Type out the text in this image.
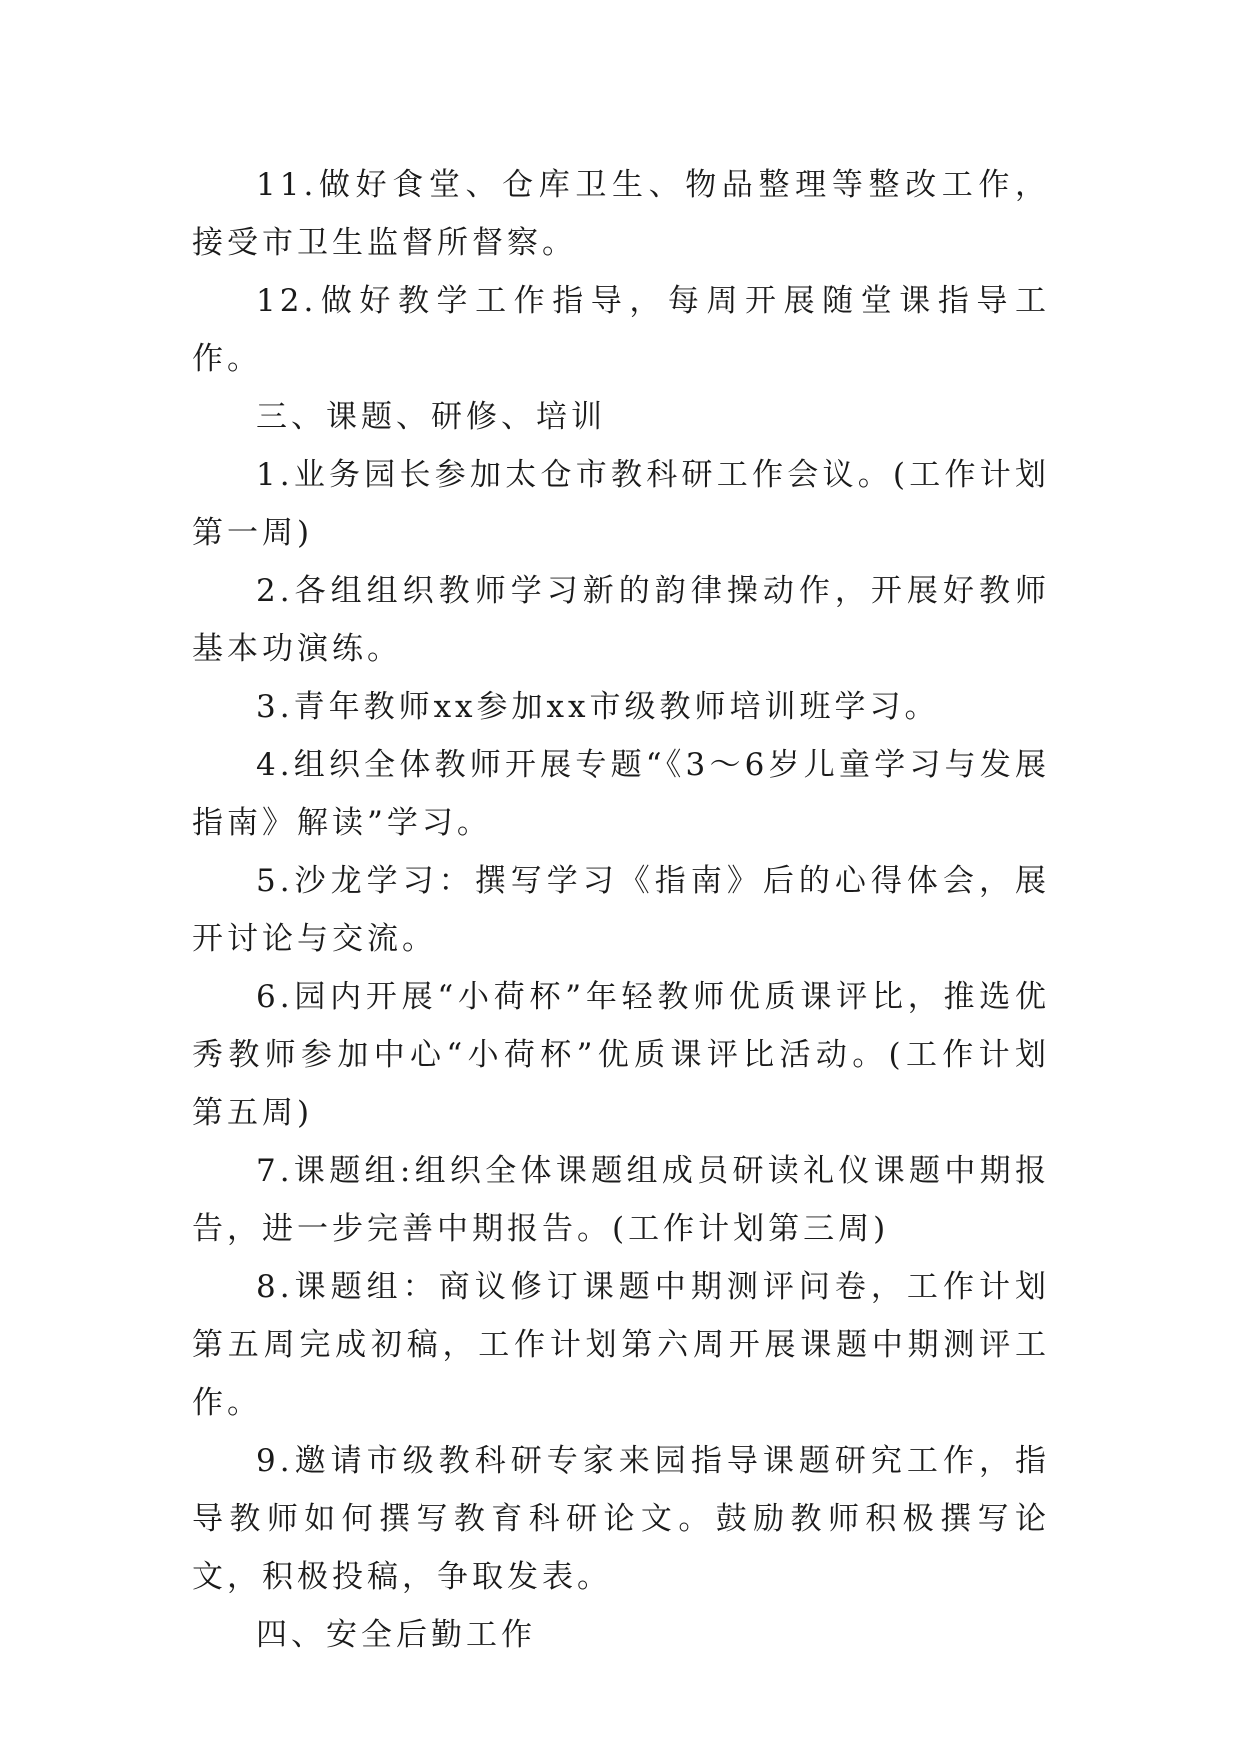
11.做好食堂、仓库卫生、物品整理等整改工作，接受市卫生监督所督察。

12.做好教学工作指导，每周开展随堂课指导工作。

三、课题、研修、培训

1.业务园长参加太仓市教科研工作会议。(工作计划第一周)

2.各组组织教师学习新的韵律操动作，开展好教师基本功演练。

3.青年教师xx参加xx市级教师培训班学习。

4.组织全体教师开展专题“《3～6岁儿童学习与发展指南》解读”学习。

5.沙龙学习：撰写学习《指南》后的心得体会，展开讨论与交流。

6.园内开展“小荷杯”年轻教师优质课评比，推选优秀教师参加中心“小荷杯”优质课评比活动。(工作计划第五周)

7.课题组:组织全体课题组成员研读礼仪课题中期报告，进一步完善中期报告。(工作计划第三周)

8.课题组：商议修订课题中期测评问卷，工作计划第五周完成初稿，工作计划第六周开展课题中期测评工作。

9.邀请市级教科研专家来园指导课题研究工作，指导教师如何撰写教育科研论文。鼓励教师积极撰写论文，积极投稿，争取发表。

四、安全后勤工作
